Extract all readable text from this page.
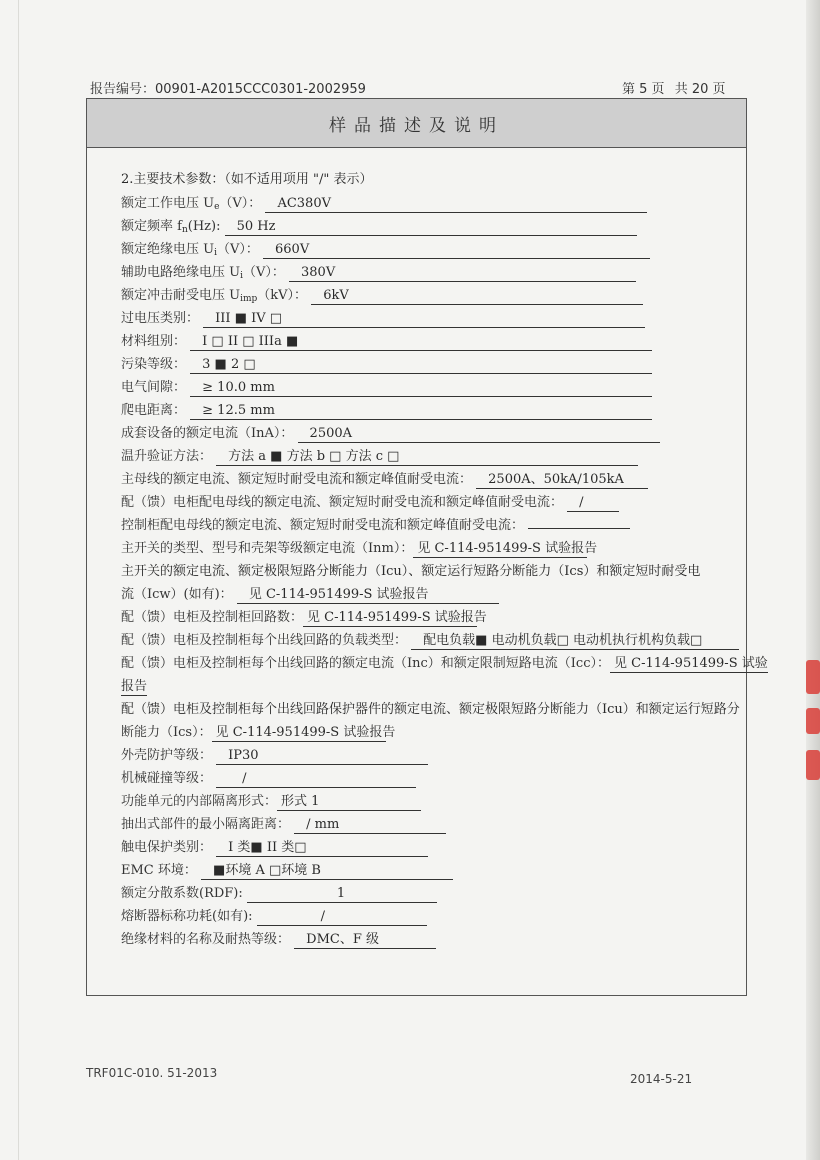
报告编号：00901-A2015CCC0301-2002959	第 5 页 共 20 页
样品描述及说明
2.主要技术参数：（如不适用项用 "/" 表示）
额定工作电压 $U_e(V)$： AC380V
额定频率 $f_n(Hz)$: 50 Hz
额定绝缘电压 $U_i(V)$： 660V
辅助电路绝缘电压 $U_i(V)$： 380V
额定冲击耐受电压 $U_{imp}(kV)$： 6kV
过电压类别： III ■ IV □
材料组别： I □ II □ IIIa ■
污染等级： 3 ■ 2 □
电气间隙： ≥ 10.0 mm
爬电距离： ≥ 12.5 mm
成套设备的额定电流（InA）： 2500A
温升验证方法： 方法 a ■ 方法 b □ 方法 c □
主母线的额定电流、额定短时耐受电流和额定峰值耐受电流： 2500A、50kA/105kA
配（馈）电柜配电母线的额定电流、额定短时耐受电流和额定峰值耐受电流： /
控制柜配电母线的额定电流、额定短时耐受电流和额定峰值耐受电流：
主开关的类型、型号和壳架等级额定电流（Inm）： 见 C-114-951499-S 试验报告
主开关的额定电流、额定极限短路分断能力（Icu）、额定运行短路分断能力（Ics）和额定短时耐受电
流（Icw）(如有)： 见 C-114-951499-S 试验报告
配（馈）电柜及控制柜回路数： 见 C-114-951499-S 试验报告
配（馈）电柜及控制柜每个出线回路的负载类型： 配电负载■ 电动机负载□ 电动机执行机构负载□
配（馈）电柜及控制柜每个出线回路的额定电流（Inc）和额定限制短路电流（Icc）： 见 C-114-951499-S 试验
报告
配（馈）电柜及控制柜每个出线回路保护器件的额定电流、额定极限短路分断能力（Icu）和额定运行短路分
断能力（Ics）： 见 C-114-951499-S 试验报告
外壳防护等级： IP30
机械碰撞等级： /
功能单元的内部隔离形式： 形式 1
抽出式部件的最小隔离距离： / mm
触电保护类别： I 类■ II 类□
EMC 环境： ■环境 A □环境 B
额定分散系数(RDF):	1
熔断器标称功耗(如有):	/
绝缘材料的名称及耐热等级： DMC、F 级
TRF01C-010. 51-2013	2014-5-21
